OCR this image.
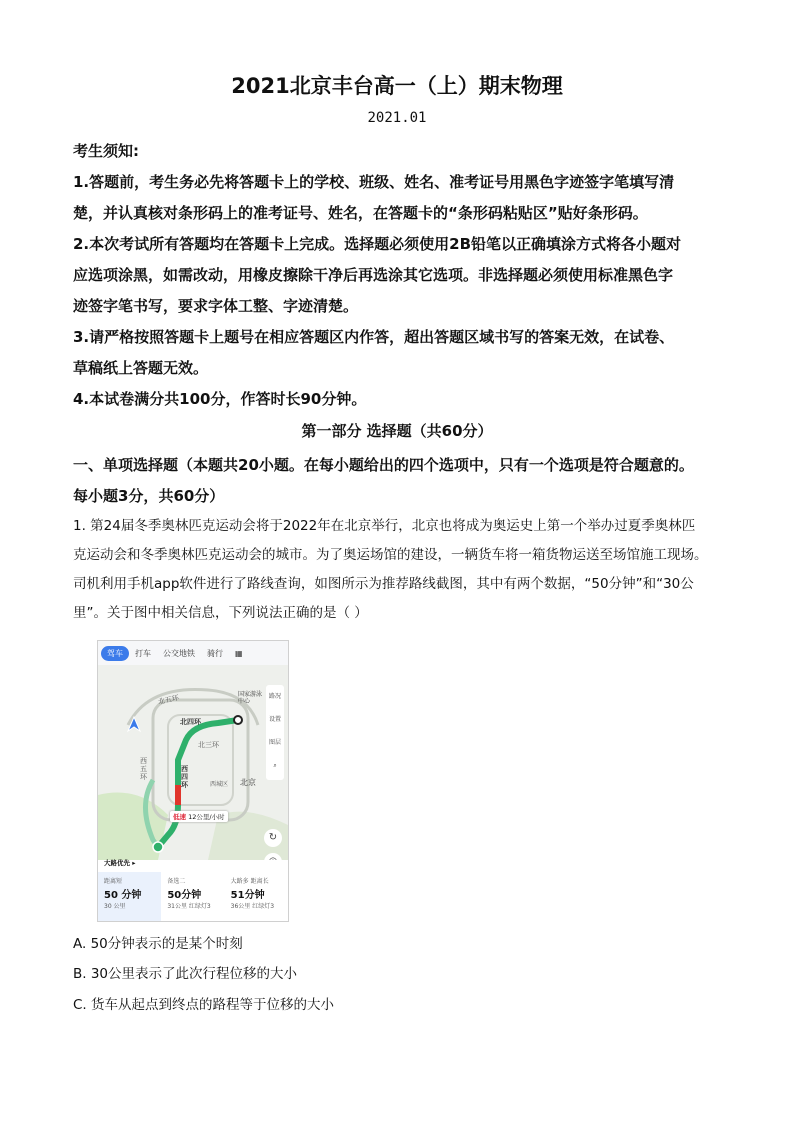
2021北京丰台高一（上）期末物理
2021.01

考生须知:

1.答题前，考生务必先将答题卡上的学校、班级、姓名、准考证号用黑色字迹签字笔填写清

楚，并认真核对条形码上的准考证号、姓名，在答题卡的“条形码粘贴区”贴好条形码。

2.本次考试所有答题均在答题卡上完成。选择题必须使用2B铅笔以正确填涂方式将各小题对

应选项涂黑，如需改动，用橡皮擦除干净后再选涂其它选项。非选择题必须使用标准黑色字

迹签字笔书写，要求字体工整、字迹清楚。

3.请严格按照答题卡上题号在相应答题区内作答，超出答题区域书写的答案无效，在试卷、

草稿纸上答题无效。

4.本试卷满分共100分，作答时长90分钟。

第一部分 选择题（共60分）

一、单项选择题（本题共20小题。在每小题给出的四个选项中，只有一个选项是符合题意的。

每小题3分，共60分）

1. 第24届冬季奥林匹克运动会将于2022年在北京举行，北京也将成为奥运史上第一个举办过夏季奥林匹

克运动会和冬季奥林匹克运动会的城市。为了奥运场馆的建设，一辆货车将一箱货物运送至场馆施工现场。

司机利用手机app软件进行了路线查询，如图所示为推荐路线截图，其中有两个数据，“50分钟”和“30公

里”。关于图中相关信息，下列说法正确的是（ ）

驾车	打车	公交地铁	骑行	▦
北四环
北三环
北五环
西四环
西五环
北京
西城区
国家游泳中心
低速 12公里/小时
路况
设置
图层
⌕
↻
大路优先 ▸
距离短
50 分钟
30 公里
备选二
50分钟
31公里 红绿灯3
大路多 距离长
51分钟
36公里 红绿灯3
A. 50分钟表示的是某个时刻
B. 30公里表示了此次行程位移的大小
C. 货车从起点到终点的路程等于位移的大小
